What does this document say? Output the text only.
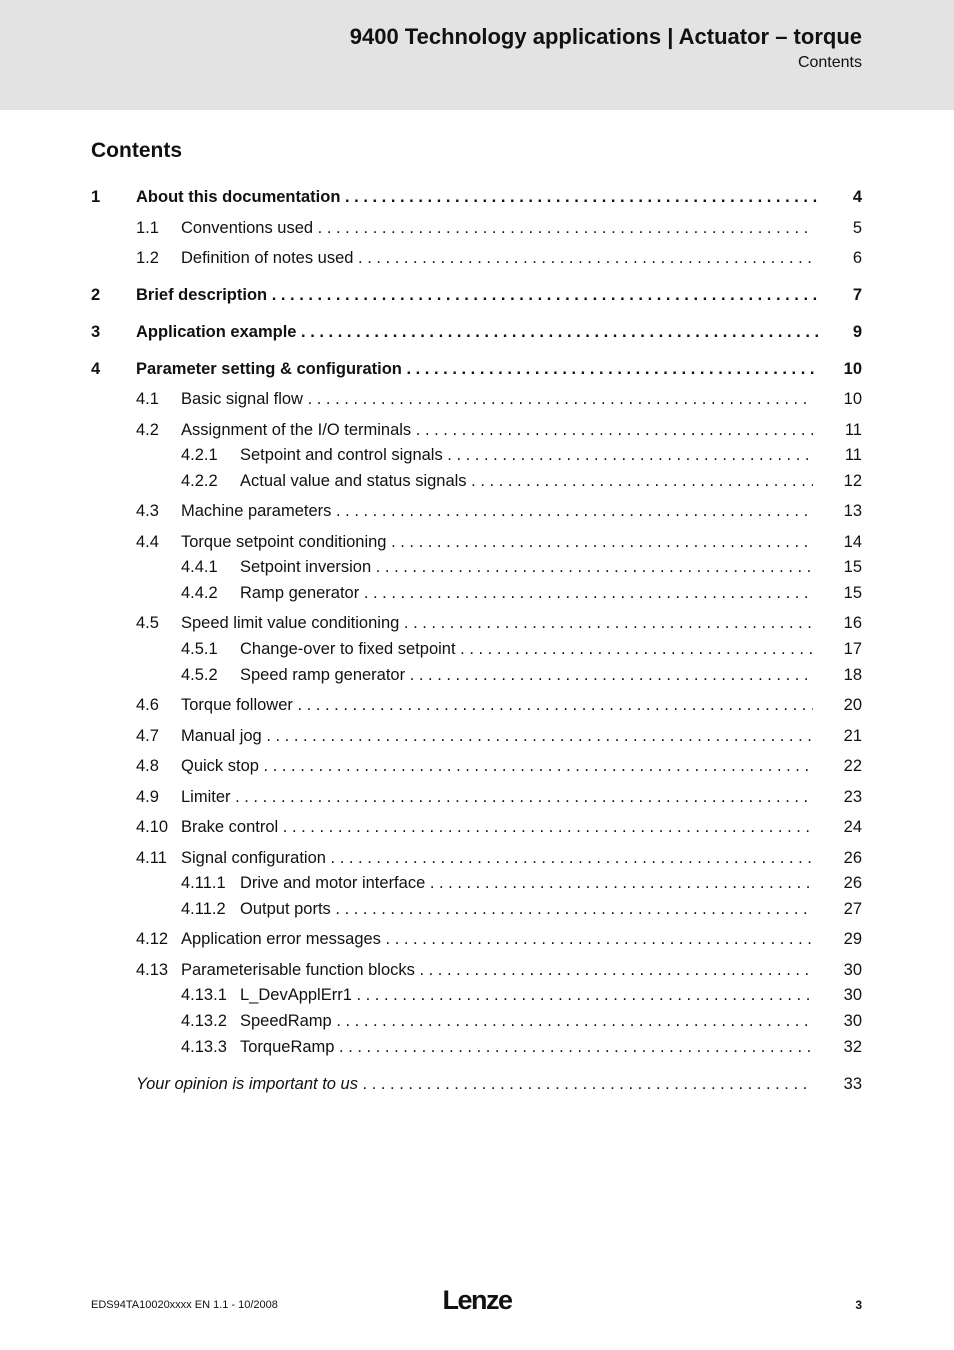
9400 Technology applications | Actuator – torque
Contents
Contents
1 About this documentation . . .	4
1.1 Conventions used . . .	5
1.2 Definition of notes used . . .	6
2 Brief description . . .	7
3 Application example . . .	9
4 Parameter setting & configuration . . .	10
4.1 Basic signal flow . . .	10
4.2 Assignment of the I/O terminals . . .	11
4.2.1 Setpoint and control signals . . .	11
4.2.2 Actual value and status signals . . .	12
4.3 Machine parameters . . .	13
4.4 Torque setpoint conditioning . . .	14
4.4.1 Setpoint inversion . . .	15
4.4.2 Ramp generator . . .	15
4.5 Speed limit value conditioning . . .	16
4.5.1 Change-over to fixed setpoint . . .	17
4.5.2 Speed ramp generator . . .	18
4.6 Torque follower . . .	20
4.7 Manual jog . . .	21
4.8 Quick stop . . .	22
4.9 Limiter . . .	23
4.10 Brake control . . .	24
4.11 Signal configuration . . .	26
4.11.1 Drive and motor interface . . .	26
4.11.2 Output ports . . .	27
4.12 Application error messages . . .	29
4.13 Parameterisable function blocks . . .	30
4.13.1 L_DevApplErr1 . . .	30
4.13.2 SpeedRamp . . .	30
4.13.3 TorqueRamp . . .	32
Your opinion is important to us . . .	33
EDS94TA10020xxxx EN 1.1 - 10/2008	Lenze	3
